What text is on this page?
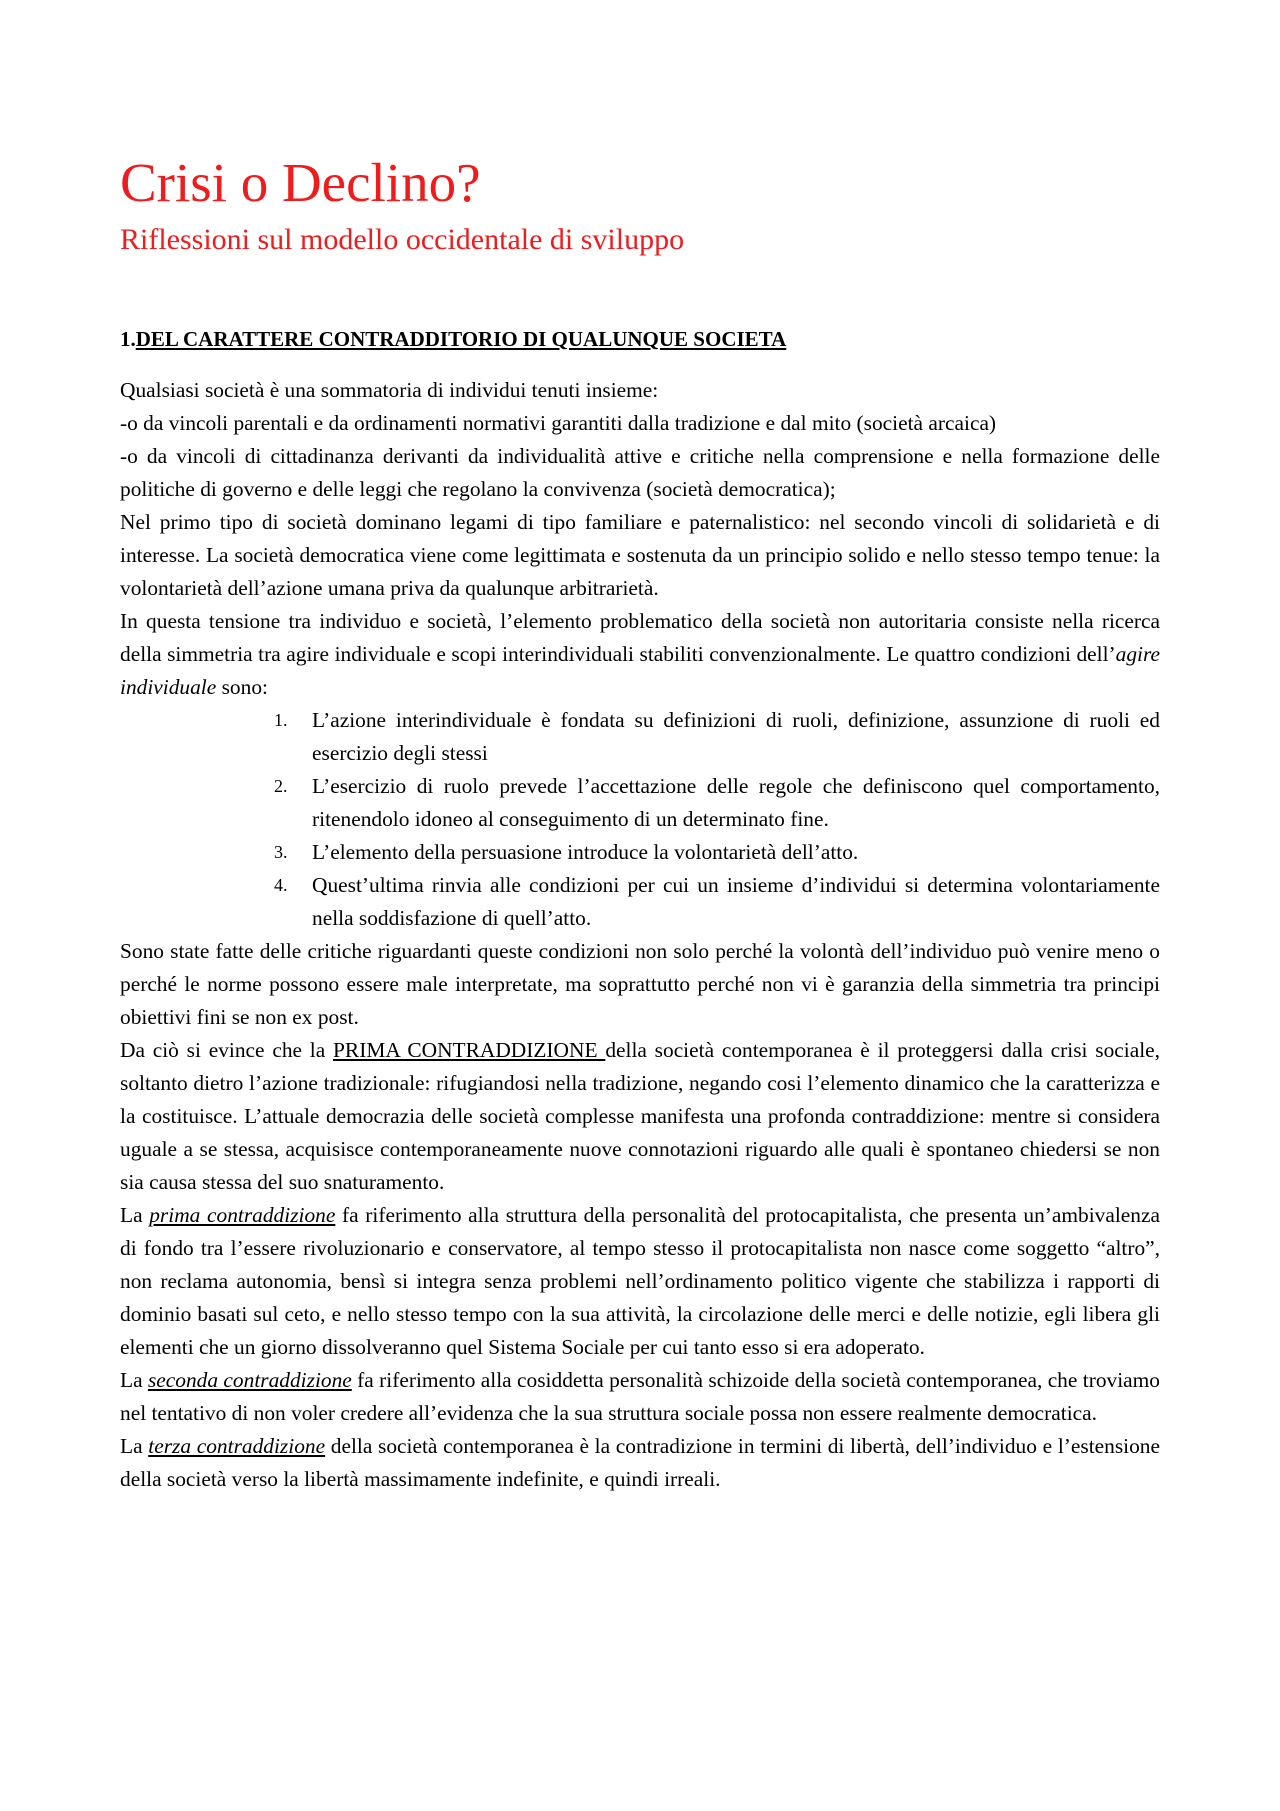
Crisi o Declino?
Riflessioni sul modello occidentale di sviluppo
1.DEL CARATTERE CONTRADDITORIO DI QUALUNQUE SOCIETA

Qualsiasi società è una sommatoria di individui tenuti insieme:

-o da vincoli parentali e da ordinamenti normativi garantiti dalla tradizione e dal mito (società arcaica)

-o da vincoli di cittadinanza derivanti da individualità attive e critiche nella comprensione e nella formazione delle politiche di governo e delle leggi che regolano la convivenza (società democratica);

Nel primo tipo di società dominano legami di tipo familiare e paternalistico: nel secondo vincoli di solidarietà e di interesse. La società democratica viene come legittimata e sostenuta da un principio solido e nello stesso tempo tenue: la volontarietà dell’azione umana priva da qualunque arbitrarietà.

In questa tensione tra individuo e società, l’elemento problematico della società non autoritaria consiste nella ricerca della simmetria tra agire individuale e scopi interindividuali stabiliti convenzionalmente. Le quattro condizioni dell’agire individuale sono:

1.	L’azione interindividuale è fondata su definizioni di ruoli, definizione, assunzione di ruoli ed esercizio degli stessi
2.	L’esercizio di ruolo prevede l’accettazione delle regole che definiscono quel comportamento, ritenendolo idoneo al conseguimento di un determinato fine.
3.	L’elemento della persuasione introduce la volontarietà dell’atto.
4.	Quest’ultima rinvia alle condizioni per cui un insieme d’individui si determina volontariamente nella soddisfazione di quell’atto.

Sono state fatte delle critiche riguardanti queste condizioni non solo perché la volontà dell’individuo può venire meno o perché le norme possono essere male interpretate, ma soprattutto perché non vi è garanzia della simmetria tra principi obiettivi fini se non ex post.

Da ciò si evince che la PRIMA CONTRADDIZIONE della società contemporanea è il proteggersi dalla crisi sociale, soltanto dietro l’azione tradizionale: rifugiandosi nella tradizione, negando cosi l’elemento dinamico che la caratterizza e la costituisce. L’attuale democrazia delle società complesse manifesta una profonda contraddizione: mentre si considera uguale a se stessa, acquisisce contemporaneamente nuove connotazioni riguardo alle quali è spontaneo chiedersi se non sia causa stessa del suo snaturamento.

La prima contraddizione fa riferimento alla struttura della personalità del protocapitalista, che presenta un’ambivalenza di fondo tra l’essere rivoluzionario e conservatore, al tempo stesso il protocapitalista non nasce come soggetto “altro”, non reclama autonomia, bensì si integra senza problemi nell’ordinamento politico vigente che stabilizza i rapporti di dominio basati sul ceto, e nello stesso tempo con la sua attività, la circolazione delle merci e delle notizie, egli libera gli elementi che un giorno dissolveranno quel Sistema Sociale per cui tanto esso si era adoperato.

La seconda contraddizione fa riferimento alla cosiddetta personalità schizoide della società contemporanea, che troviamo nel tentativo di non voler credere all’evidenza che la sua struttura sociale possa non essere realmente democratica.

La terza contraddizione della società contemporanea è la contradizione in termini di libertà, dell’individuo e l’estensione della società verso la libertà massimamente indefinite, e quindi irreali.
